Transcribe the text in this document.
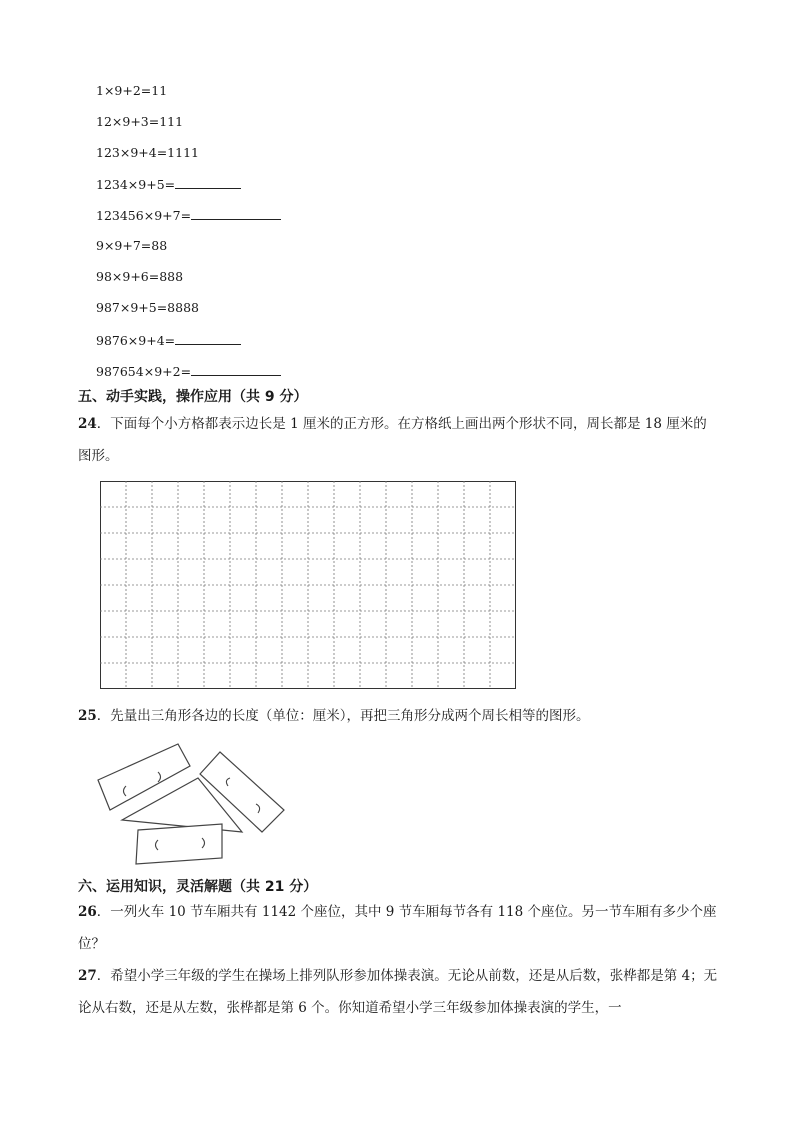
1×9+2=11
12×9+3=111
123×9+4=1111
1234×9+5=
123456×9+7=
9×9+7=88
98×9+6=888
987×9+5=8888
9876×9+4=
987654×9+2=
五、动手实践，操作应用（共 9 分）
24．下面每个小方格都表示边长是 1 厘米的正方形。在方格纸上画出两个形状不同，周长都是 18 厘米的图形。
25．先量出三角形各边的长度（单位：厘米），再把三角形分成两个周长相等的图形。
六、运用知识，灵活解题（共 21 分）
26．一列火车 10 节车厢共有 1142 个座位，其中 9 节车厢每节各有 118 个座位。另一节车厢有多少个座位？
27．希望小学三年级的学生在操场上排列队形参加体操表演。无论从前数，还是从后数，张桦都是第 4；无论从右数，还是从左数，张桦都是第 6 个。你知道希望小学三年级参加体操表演的学生，一
